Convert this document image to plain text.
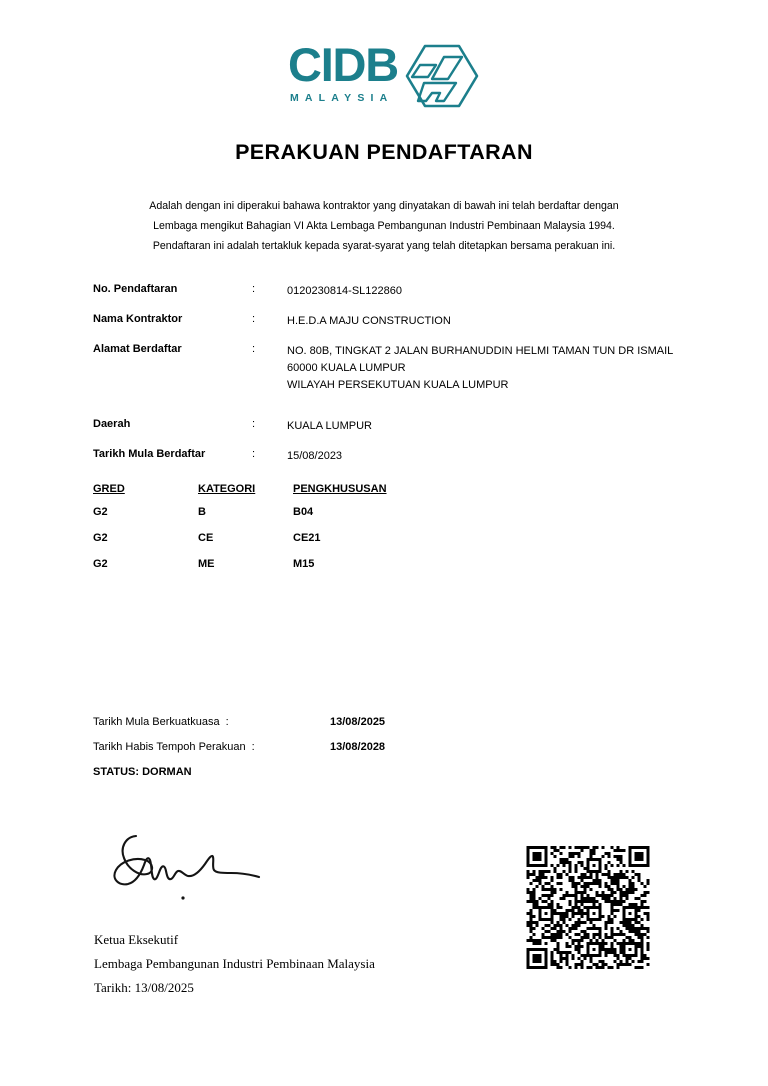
CIDB
MALAYSIA
PERAKUAN PENDAFTARAN
Adalah dengan ini diperakui bahawa kontraktor yang dinyatakan di bawah ini telah berdaftar dengan
Lembaga mengikut Bahagian VI Akta Lembaga Pembangunan Industri Pembinaan Malaysia 1994.
Pendaftaran ini adalah tertakluk kepada syarat-syarat yang telah ditetapkan bersama perakuan ini.
No. Pendaftaran	:	0120230814-SL122860
Nama Kontraktor	:	H.E.D.A MAJU CONSTRUCTION
Alamat Berdaftar	:	NO. 80B, TINGKAT 2 JALAN BURHANUDDIN HELMI TAMAN TUN DR ISMAIL
60000 KUALA LUMPUR
WILAYAH PERSEKUTUAN KUALA LUMPUR
Daerah	:	KUALA LUMPUR
Tarikh Mula Berdaftar	:	15/08/2023
GRED	KATEGORI	PENGKHUSUSAN
G2	B	B04
G2	CE	CE21
G2	ME	M15
Tarikh Mula Berkuatkuasa :	13/08/2025
Tarikh Habis Tempoh Perakuan :	13/08/2028
STATUS: DORMAN
Ketua Eksekutif
Lembaga Pembangunan Industri Pembinaan Malaysia
Tarikh: 13/08/2025
